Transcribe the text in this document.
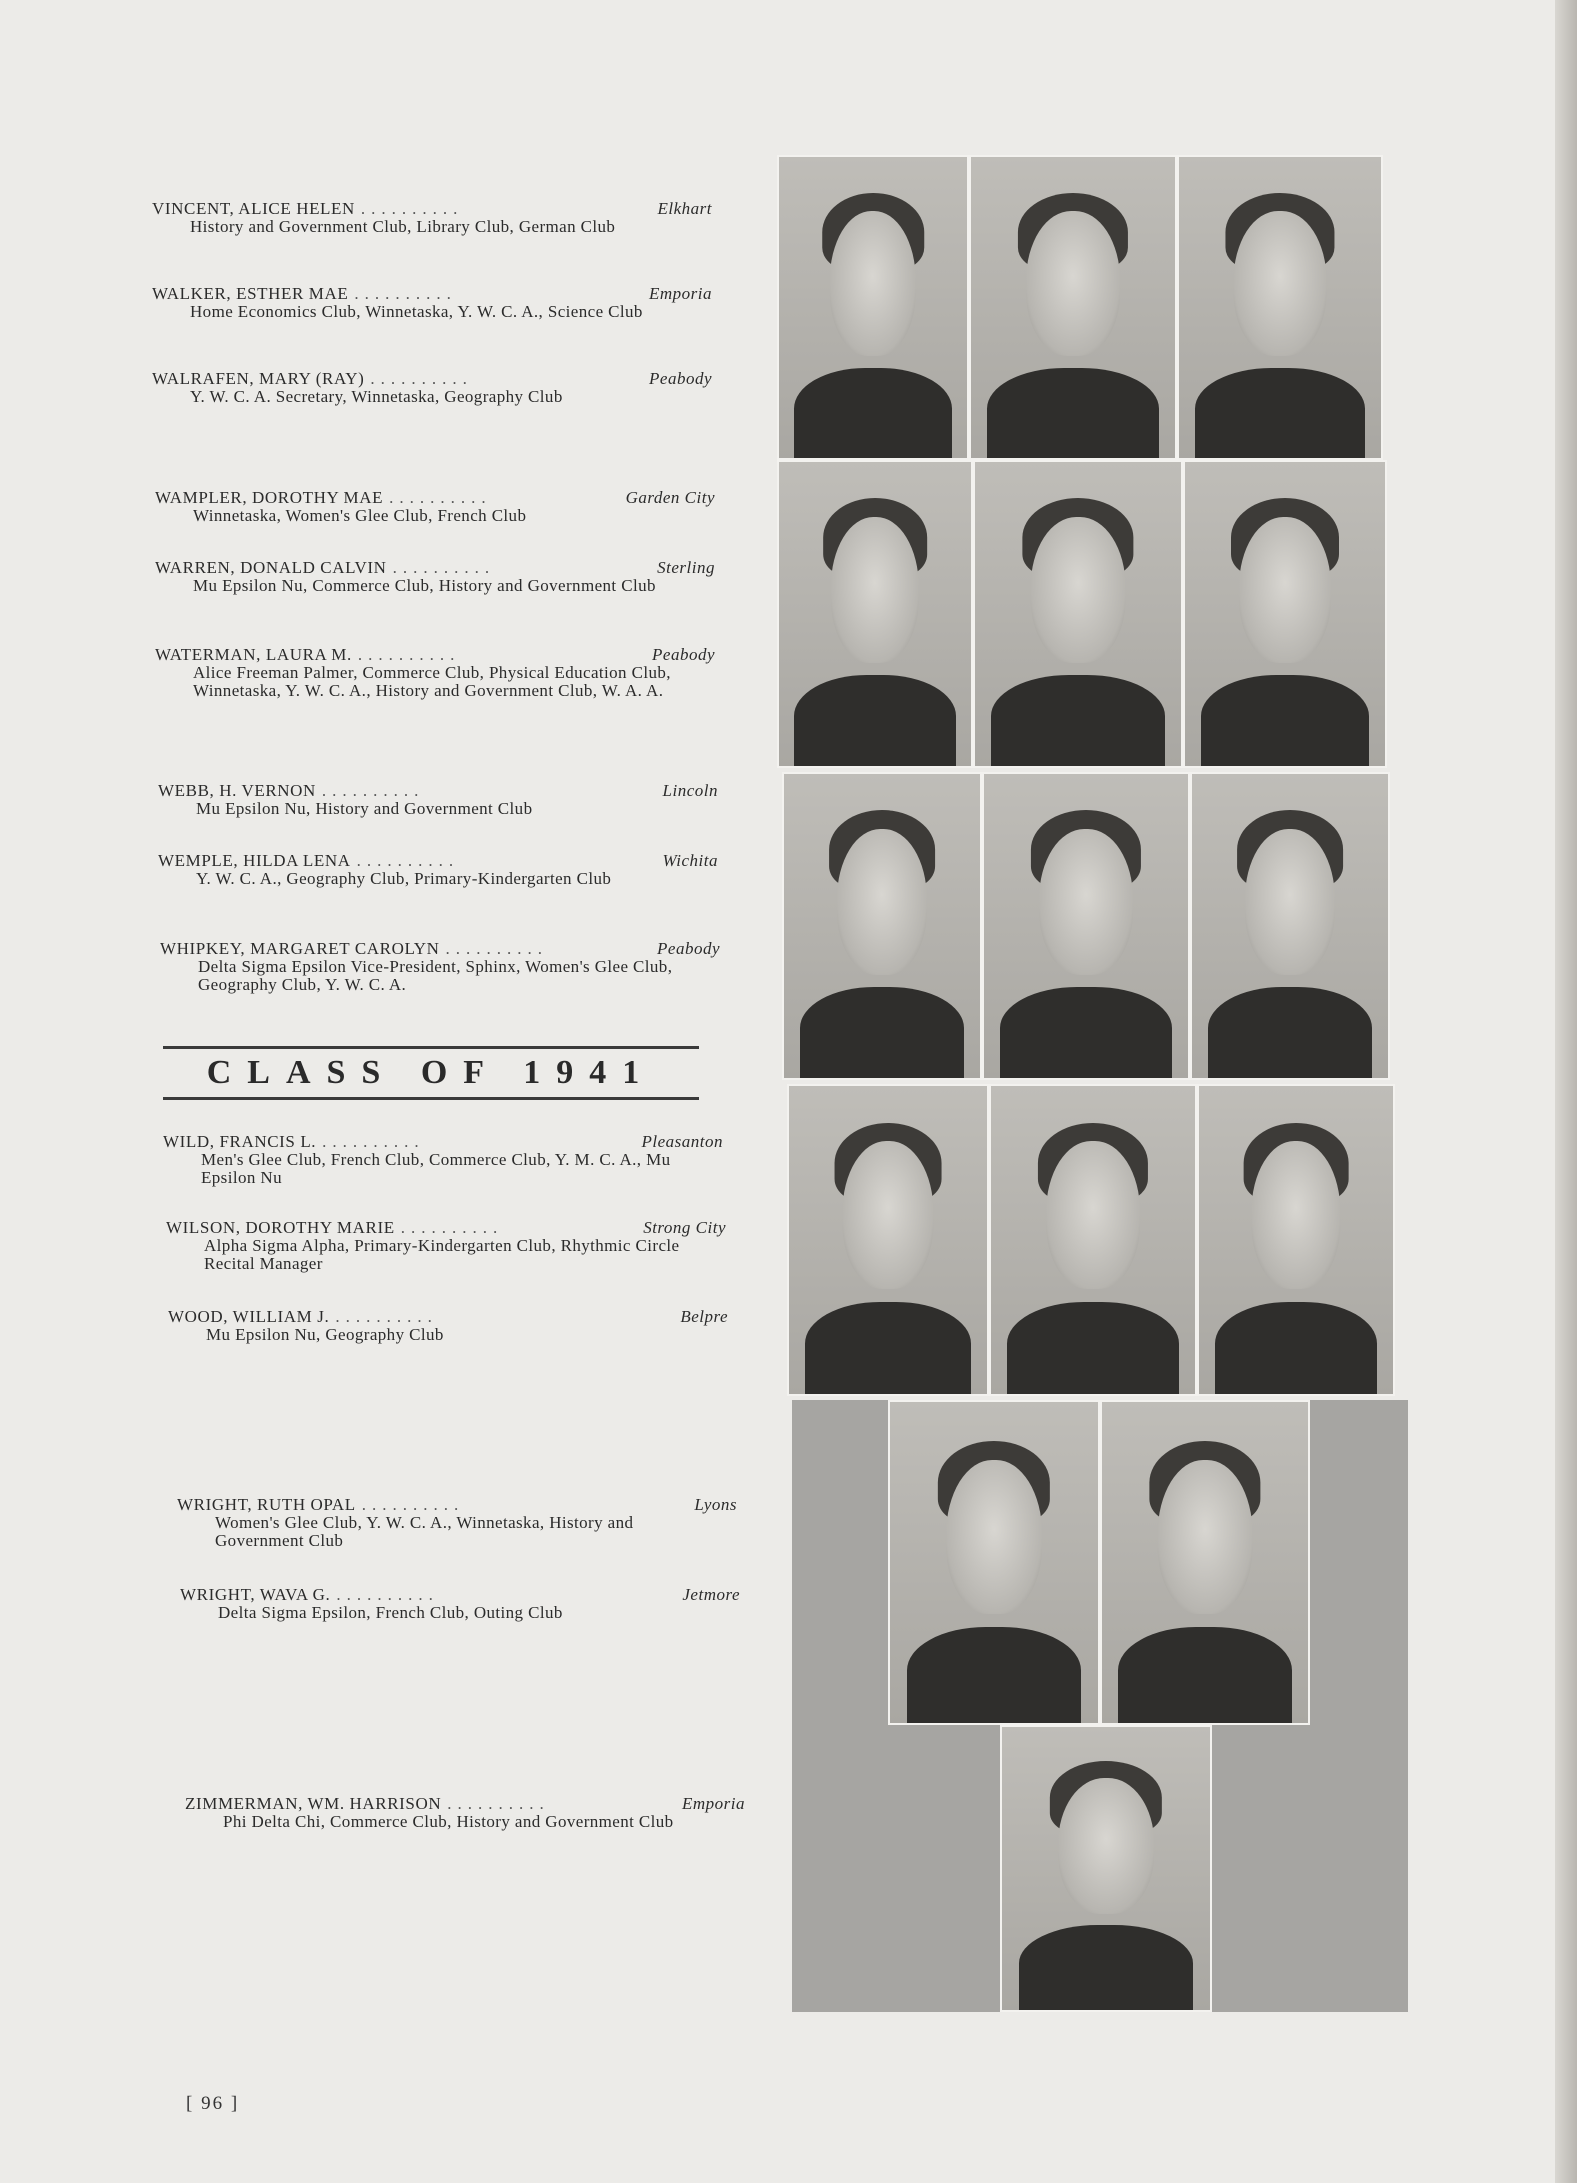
VINCENT, ALICE HELEN ..........	Elkhart
History and Government Club, Library Club, German Club
WALKER, ESTHER MAE ..........	Emporia
Home Economics Club, Winnetaska, Y. W. C. A., Science Club
WALRAFEN, MARY (RAY) ..........	Peabody
Y. W. C. A. Secretary, Winnetaska, Geography Club
WAMPLER, DOROTHY MAE ..........	Garden City
Winnetaska, Women's Glee Club, French Club
WARREN, DONALD CALVIN ..........	Sterling
Mu Epsilon Nu, Commerce Club, History and Government Club
WATERMAN, LAURA M. ..........	Peabody
Alice Freeman Palmer, Commerce Club, Physical Education Club, Winnetaska, Y. W. C. A., History and Government Club, W. A. A.
WEBB, H. VERNON ..........	Lincoln
Mu Epsilon Nu, History and Government Club
WEMPLE, HILDA LENA ..........	Wichita
Y. W. C. A., Geography Club, Primary-Kindergarten Club
WHIPKEY, MARGARET CAROLYN ..........	Peabody
Delta Sigma Epsilon Vice-President, Sphinx, Women's Glee Club, Geography Club, Y. W. C. A.
CLASS OF 1941
WILD, FRANCIS L. ..........	Pleasanton
Men's Glee Club, French Club, Commerce Club, Y. M. C. A., Mu Epsilon Nu
WILSON, DOROTHY MARIE ..........	Strong City
Alpha Sigma Alpha, Primary-Kindergarten Club, Rhythmic Circle Recital Manager
WOOD, WILLIAM J. ..........	Belpre
Mu Epsilon Nu, Geography Club
WRIGHT, RUTH OPAL ..........	Lyons
Women's Glee Club, Y. W. C. A., Winnetaska, History and Government Club
WRIGHT, WAVA G. ..........	Jetmore
Delta Sigma Epsilon, French Club, Outing Club
ZIMMERMAN, WM. HARRISON ..........	Emporia
Phi Delta Chi, Commerce Club, History and Government Club
[ 96 ]
